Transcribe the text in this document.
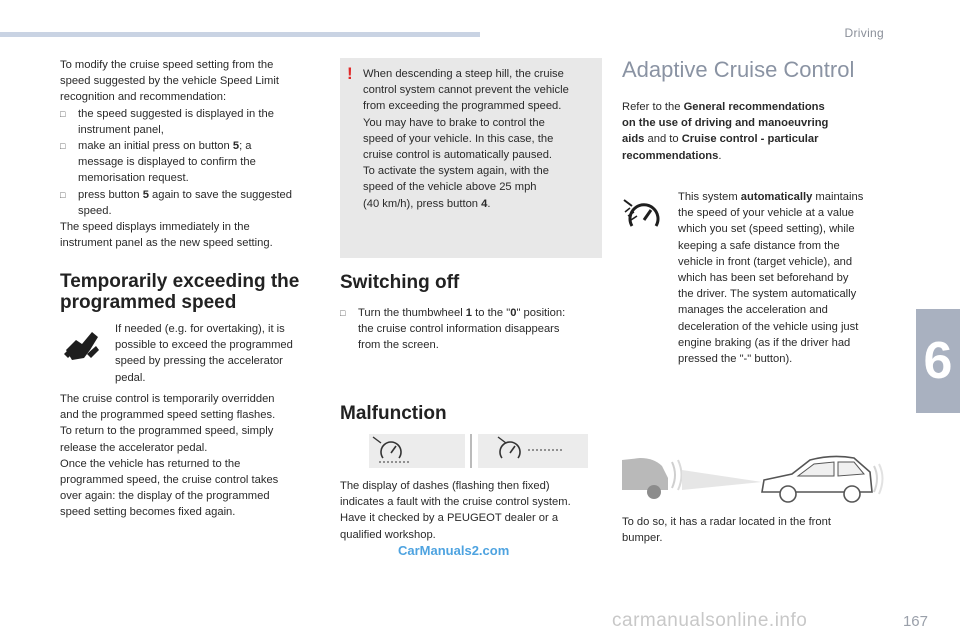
Driving
6
167

To modify the cruise speed setting from the
speed suggested by the vehicle Speed Limit
recognition and recommendation:

□ the speed suggested is displayed in the
instrument panel,
□ make an initial press on button 5; a
message is displayed to confirm the
memorisation request.
□ press button 5 again to save the suggested
speed.

The speed displays immediately in the
instrument panel as the new speed setting.

Temporarily exceeding the
programmed speed
If needed (e.g. for overtaking), it is
possible to exceed the programmed
speed by pressing the accelerator
pedal.
The cruise control is temporarily overridden
and the programmed speed setting flashes.
To return to the programmed speed, simply
release the accelerator pedal.
Once the vehicle has returned to the
programmed speed, the cruise control takes
over again: the display of the programmed
speed setting becomes fixed again.
! When descending a steep hill, the cruise
control system cannot prevent the vehicle
from exceeding the programmed speed.
You may have to brake to control the
speed of your vehicle. In this case, the
cruise control is automatically paused.
To activate the system again, with the
speed of the vehicle above 25 mph
(40 km/h), press button 4.
Switching off
□ Turn the thumbwheel 1 to the "0" position:
the cruise control information disappears
from the screen.
Malfunction
The display of dashes (flashing then fixed)
indicates a fault with the cruise control system.
Have it checked by a PEUGEOT dealer or a
qualified workshop.
Adaptive Cruise Control
Refer to the General recommendations
on the use of driving and manoeuvring
aids and to Cruise control - particular
recommendations.
This system automatically maintains
the speed of your vehicle at a value
which you set (speed setting), while
keeping a safe distance from the
vehicle in front (target vehicle), and
which has been set beforehand by
the driver. The system automatically
manages the acceleration and
deceleration of the vehicle using just
engine braking (as if the driver had
pressed the "-" button).
To do so, it has a radar located in the front
bumper.
CarManuals2.com
carmanualsonline.info
